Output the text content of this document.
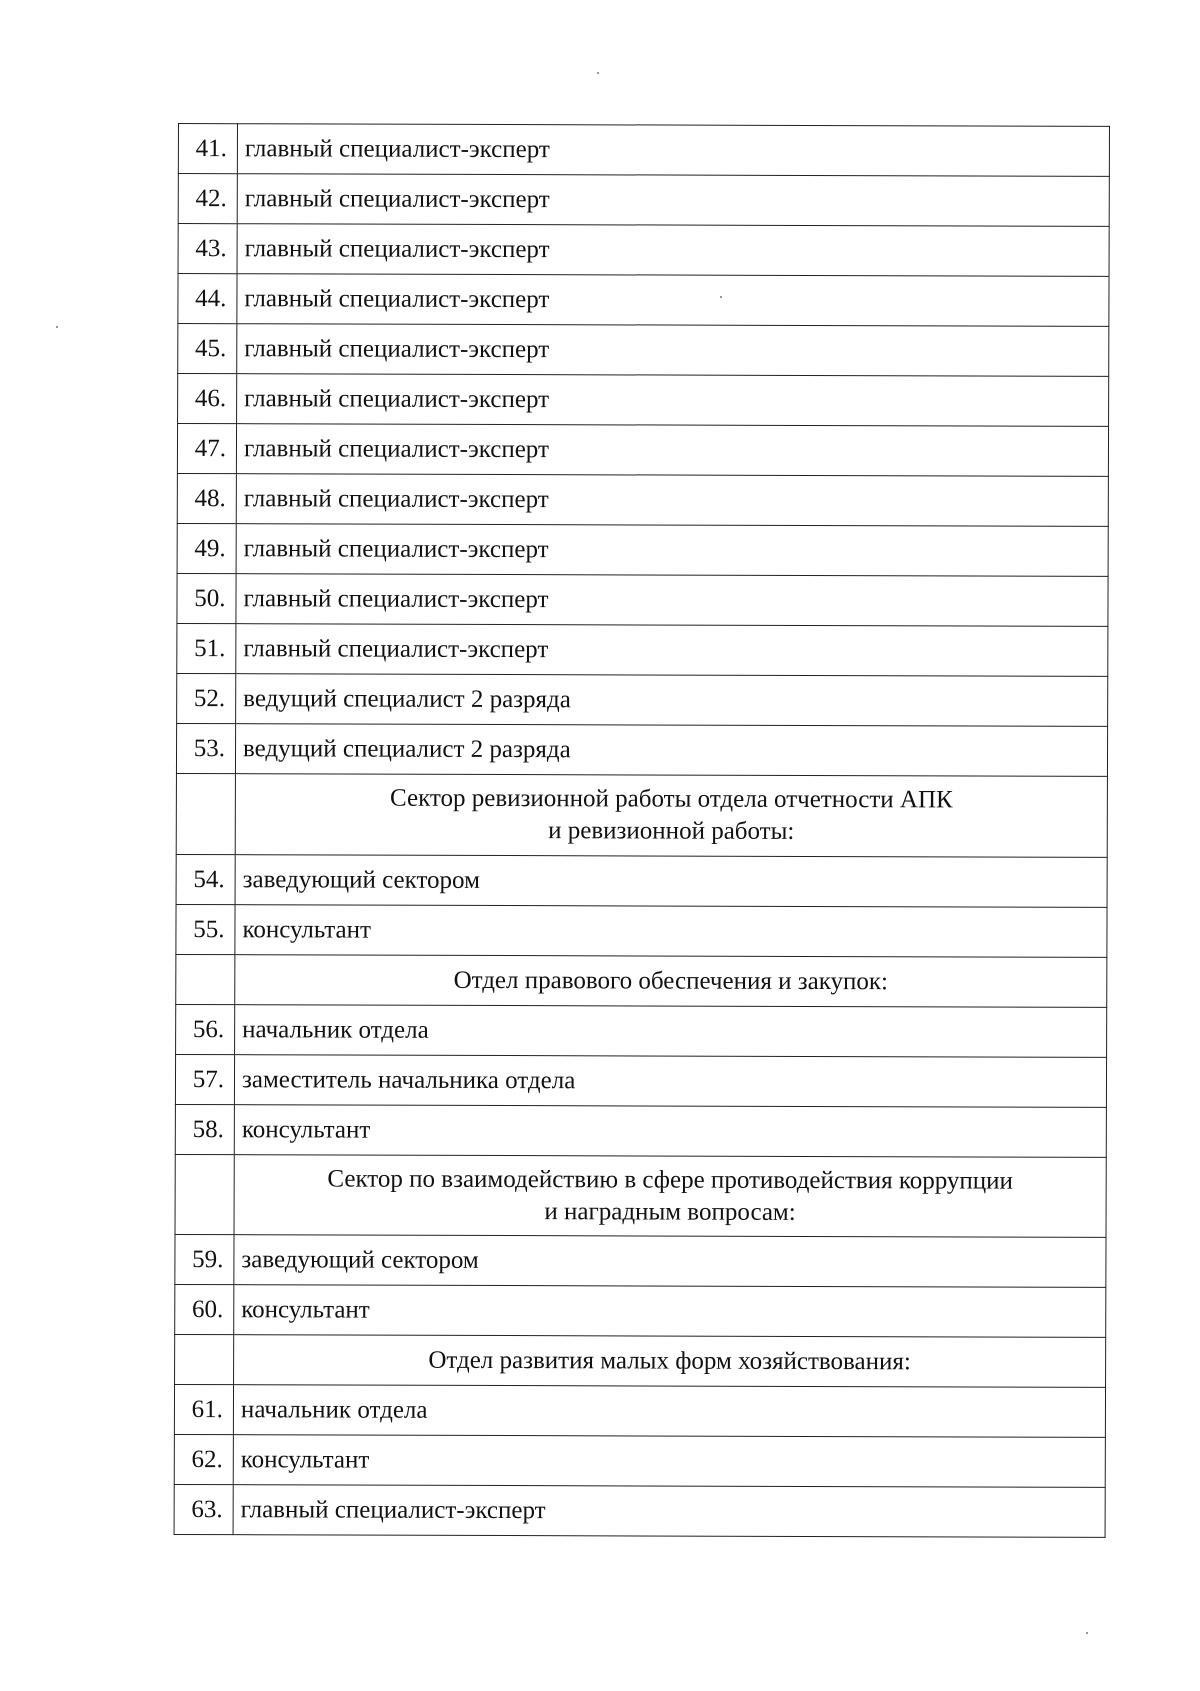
41.	главный специалист-эксперт
42.	главный специалист-эксперт
43.	главный специалист-эксперт
44.	главный специалист-эксперт
45.	главный специалист-эксперт
46.	главный специалист-эксперт
47.	главный специалист-эксперт
48.	главный специалист-эксперт
49.	главный специалист-эксперт
50.	главный специалист-эксперт
51.	главный специалист-эксперт
52.	ведущий специалист 2 разряда
53.	ведущий специалист 2 разряда

	Сектор ревизионной работы отдела отчетности АПК
и ревизионной работы:

54.	заведующий сектором
55.	консультант

	Отдел правового обеспечения и закупок:

56.	начальник отдела
57.	заместитель начальника отдела
58.	консультант

	Сектор по взаимодействию в сфере противодействия коррупции
и наградным вопросам:

59.	заведующий сектором
60.	консультант

	Отдел развития малых форм хозяйствования:

61.	начальник отдела
62.	консультант
63.	главный специалист-эксперт
